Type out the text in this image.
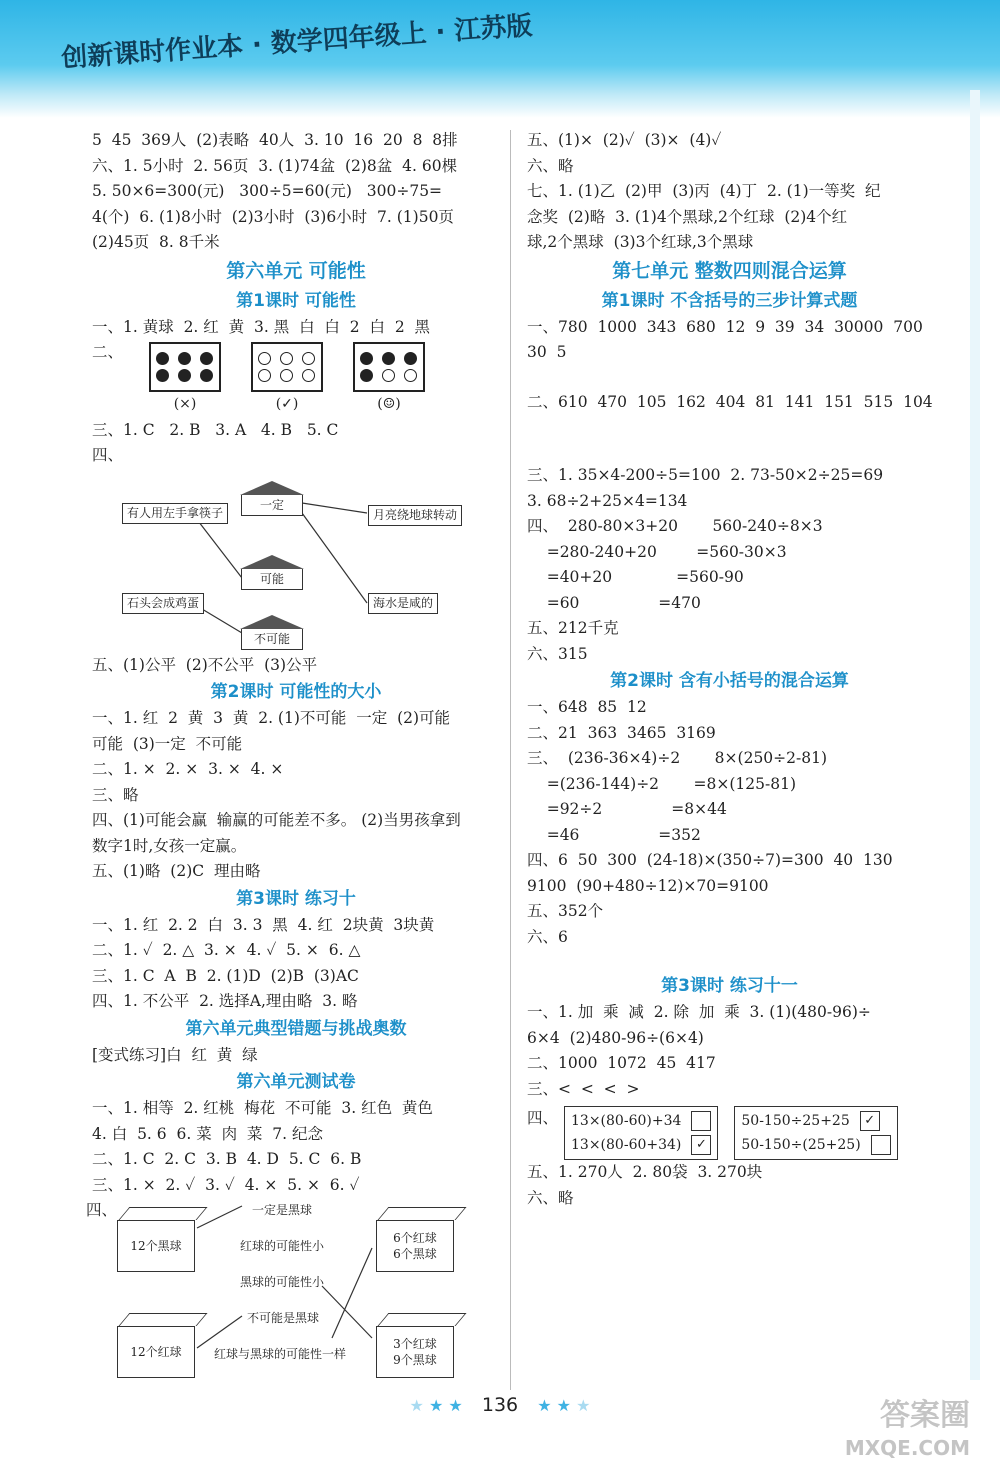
创新课时作业本 · 数学四年级上 · 江苏版
5  45  369人  (2)表略  40人  3. 10  16  20  8  8排
六、1. 5小时  2. 56页  3. (1)74盆  (2)8盆  4. 60棵
5. 50×6=300(元)   300÷5=60(元)   300÷75=
4(个)  6. (1)8小时  (2)3小时  (3)6小时  7. (1)50页
(2)45页  8. 8千米
第六单元 可能性
第1课时 可能性
一、1. 黄球  2. 红  黄  3. 黑  白  白  2  白  2  黑
二、
(×)	(✓)	(☺)
三、1. C   2. B   3. A   4. B   5. C
四、
有人用左手拿筷子
石头会成鸡蛋
一定
可能
不可能
月亮绕地球转动
海水是咸的
五、(1)公平  (2)不公平  (3)公平
第2课时 可能性的大小
一、1. 红  2  黄  3  黄  2. (1)不可能  一定  (2)可能
可能  (3)一定  不可能
二、1. ×  2. ×  3. ×  4. ×
三、略
四、(1)可能会赢  输赢的可能差不多。 (2)当男孩拿到
数字1时,女孩一定赢。
五、(1)略  (2)C  理由略
第3课时 练习十
一、1. 红  2. 2  白  3. 3  黑  4. 红  2块黄  3块黄
二、1. ✓  2. △  3. ×  4. ✓  5. ×  6. △
三、1. C  A  B  2. (1)D  (2)B  (3)AC
四、1. 不公平  2. 选择A,理由略  3. 略
第六单元典型错题与挑战奥数
[变式练习]白  红  黄  绿
第六单元测试卷
一、1. 相等  2. 红桃  梅花  不可能  3. 红色  黄色
4. 白  5. 6  6. 菜  肉  菜  7. 纪念
二、1. C  2. C  3. B  4. D  5. C  6. B
三、1. ×  2. ✓  3. ✓  4. ×  5. ×  6. ✓
四、
12个黑球
12个红球
6个红球
6个黑球
3个红球
9个黑球
一定是黑球
红球的可能性小
黑球的可能性小
不可能是黑球
红球与黑球的可能性一样
五、(1)×  (2)✓  (3)×  (4)✓
六、略
七、1. (1)乙  (2)甲  (3)丙  (4)丁  2. (1)一等奖  纪
念奖  (2)略  3. (1)4个黑球,2个红球  (2)4个红
球,2个黑球  (3)3个红球,3个黑球
第七单元 整数四则混合运算
第1课时 不含括号的三步计算式题
一、780  1000  343  680  12  9  39  34  30000  700
30  5
二、610  470  105  162  404  81  141  151  515  104
三、1. 35×4-200÷5=100  2. 73-50×2÷25=69
3. 68÷2+25×4=134
四、  280-80×3+20       560-240÷8×3
=280-240+20        =560-30×3
=40+20             =560-90
=60                =470
五、212千克
六、315
第2课时 含有小括号的混合运算
一、648  85  12
二、21  363  3465  3169
三、  (236-36×4)÷2       8×(250÷2-81)
=(236-144)÷2       =8×(125-81)
=92÷2              =8×44
=46                =352
四、6  50  300  (24-18)×(350÷7)=300  40  130
9100  (90+480÷12)×70=9100
五、352个
六、6
第3课时 练习十一
一、1. 加  乘  减  2. 除  加  乘  3. (1)(480-96)÷
6×4  (2)480-96÷(6×4)
二、1000  1072  45  417
三、<  <  <  >
四、 13×(80-60)+34
13×(80-60+34) ✓
50-150÷25+25 ✓
50-150÷(25+25)
五、1. 270人  2. 80袋  3. 270块
六、略
★ ★ ★ 136 ★ ★ ★	答案圈
MXQE.COM
